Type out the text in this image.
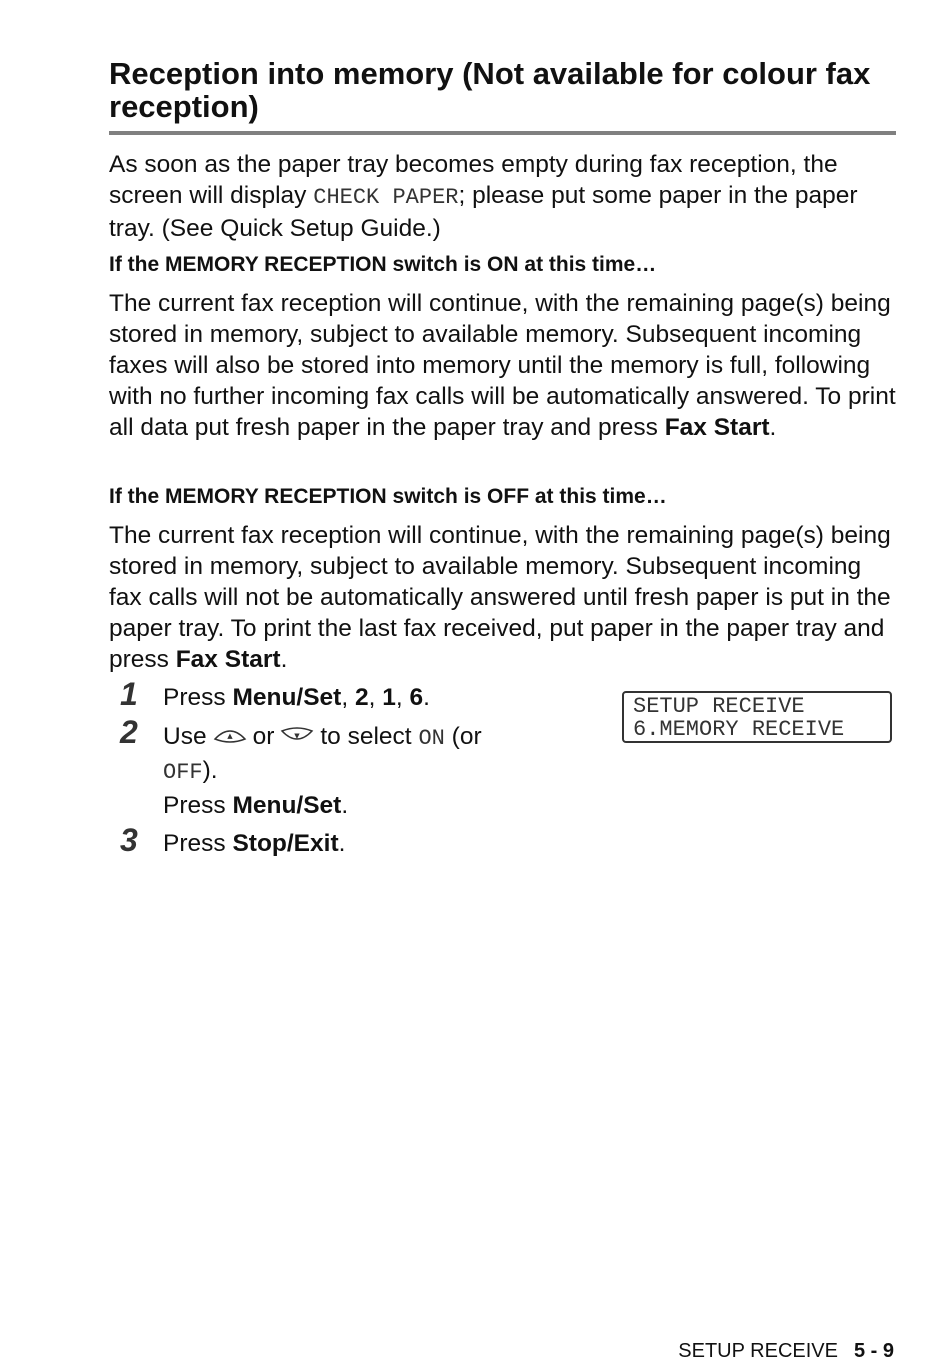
Reception into memory (Not available for colour fax reception)

As soon as the paper tray becomes empty during fax reception, the screen will display CHECK PAPER; please put some paper in the paper tray. (See Quick Setup Guide.)

If the MEMORY RECEPTION switch is ON at this time…

The current fax reception will continue, with the remaining page(s) being stored in memory, subject to available memory. Subsequent incoming faxes will also be stored into memory until the memory is full, following with no further incoming fax calls will be automatically answered. To print all data put fresh paper in the paper tray and press Fax Start.

If the MEMORY RECEPTION switch is OFF at this time…

The current fax reception will continue, with the remaining page(s) being stored in memory, subject to available memory. Subsequent incoming fax calls will not be automatically answered until fresh paper is put in the paper tray. To print the last fax received, put paper in the paper tray and press Fax Start.

1 Press Menu/Set, 2, 1, 6.
2 Use	▲ or	▼ to select ON (or
OFF).
Press Menu/Set.
3 Press Stop/Exit.
SETUP RECEIVE
6.MEMORY RECEIVE
SETUP RECEIVE 5 - 9
